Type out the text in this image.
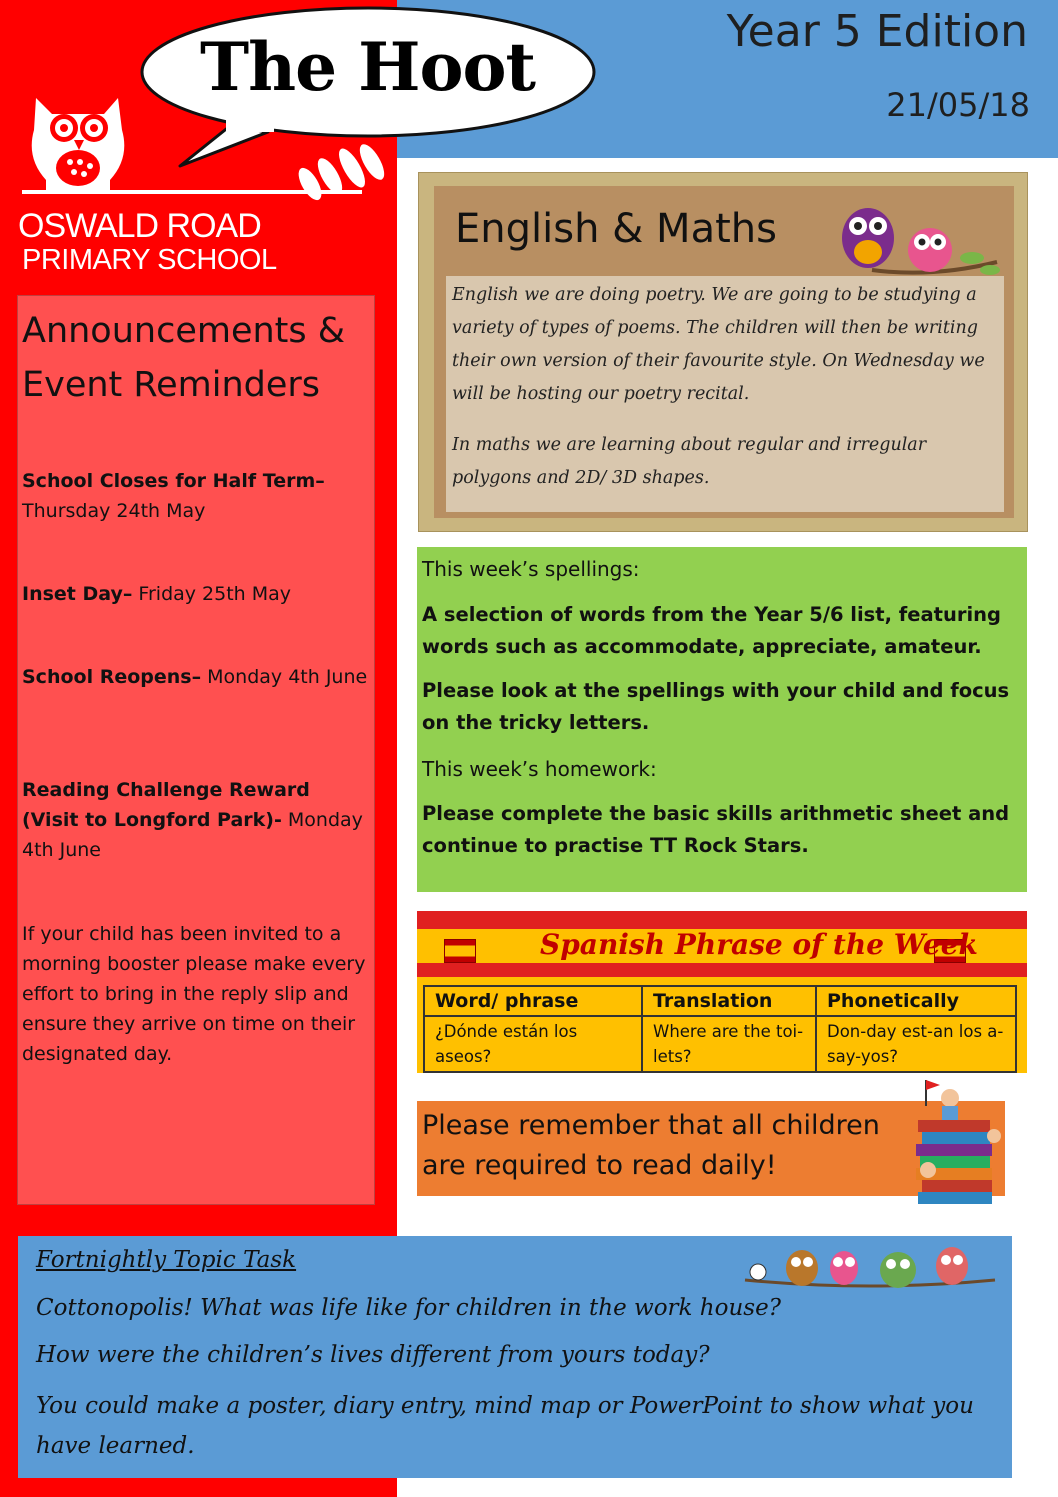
The Hoot	Year 5 Edition
21/05/18
OSWALD ROAD
PRIMARY SCHOOL
Announcements & Event Reminders
School Closes for Half Term– Thursday 24th May
Inset Day– Friday 25th May
School Reopens– Monday 4th June
Reading Challenge Reward (Visit to Longford Park)- Monday 4th June
If your child has been invited to a morning booster please make every effort to bring in the reply slip and ensure they arrive on time on their designated day.
English & Maths
English we are doing poetry. We are going to be studying a variety of types of poems. The children will then be writing their own version of their favourite style. On Wednesday we will be hosting our poetry recital.
In maths we are learning about regular and irregular polygons and 2D/ 3D shapes.
This week’s spellings:
A selection of words from the Year 5/6 list, featuring words such as accommodate, appreciate, amateur.
Please look at the spellings with your child and focus on the tricky letters.
This week’s homework:
Please complete the basic skills arithmetic sheet and continue to practise TT Rock Stars.
Spanish Phrase of the Week
Word/ phrase	Translation	Phonetically
¿Dónde están los aseos?	Where are the toi-lets?	Don-day est-an los a-say-yos?
Please remember that all children are required to read daily!
Fortnightly Topic Task
Cottonopolis! What was life like for children in the work house?
How were the children’s lives different from yours today?
You could make a poster, diary entry, mind map or PowerPoint to show what you have learned.
